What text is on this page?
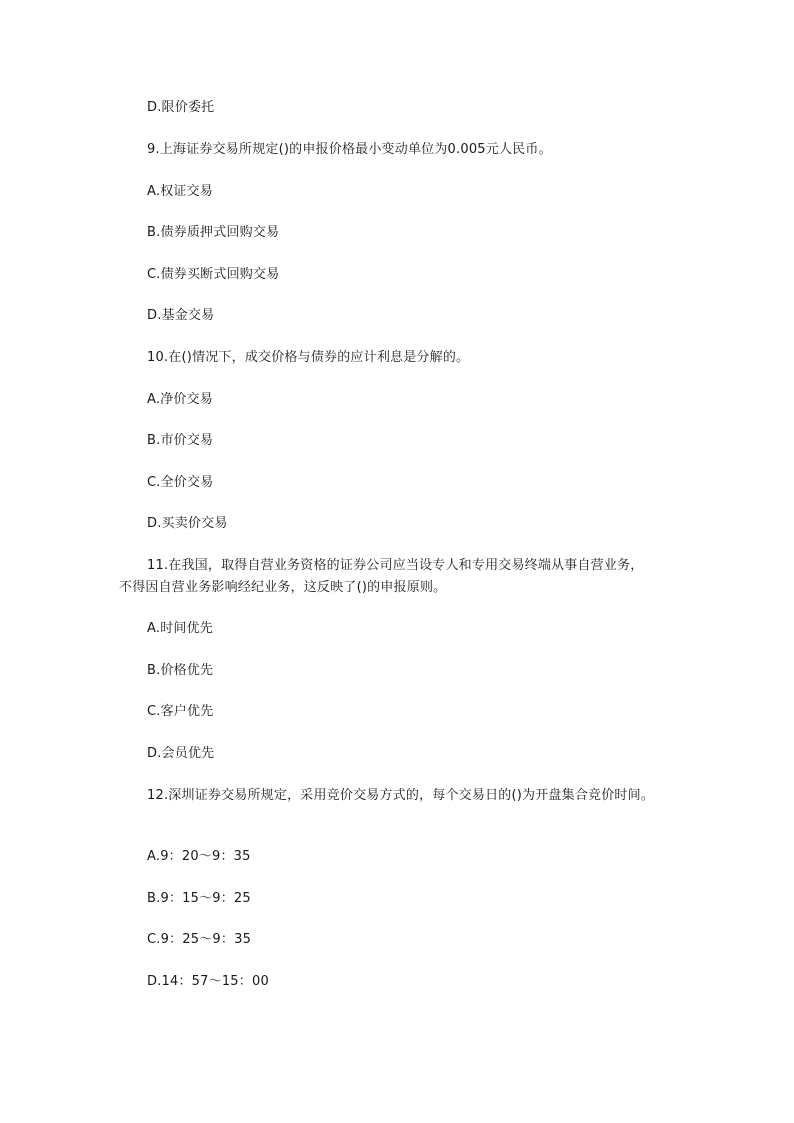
D.限价委托
9.上海证券交易所规定()的申报价格最小变动单位为0.005元人民币。
A.权证交易
B.债券质押式回购交易
C.债券买断式回购交易
D.基金交易
10.在()情况下，成交价格与债券的应计利息是分解的。
A.净价交易
B.市价交易
C.全价交易
D.买卖价交易
11.在我国，取得自营业务资格的证券公司应当设专人和专用交易终端从事自营业务，
不得因自营业务影响经纪业务，这反映了()的申报原则。
A.时间优先
B.价格优先
C.客户优先
D.会员优先
12.深圳证券交易所规定，采用竞价交易方式的，每个交易日的()为开盘集合竞价时间。
A.9：20～9：35
B.9：15～9：25
C.9：25～9：35
D.14：57～15：00
